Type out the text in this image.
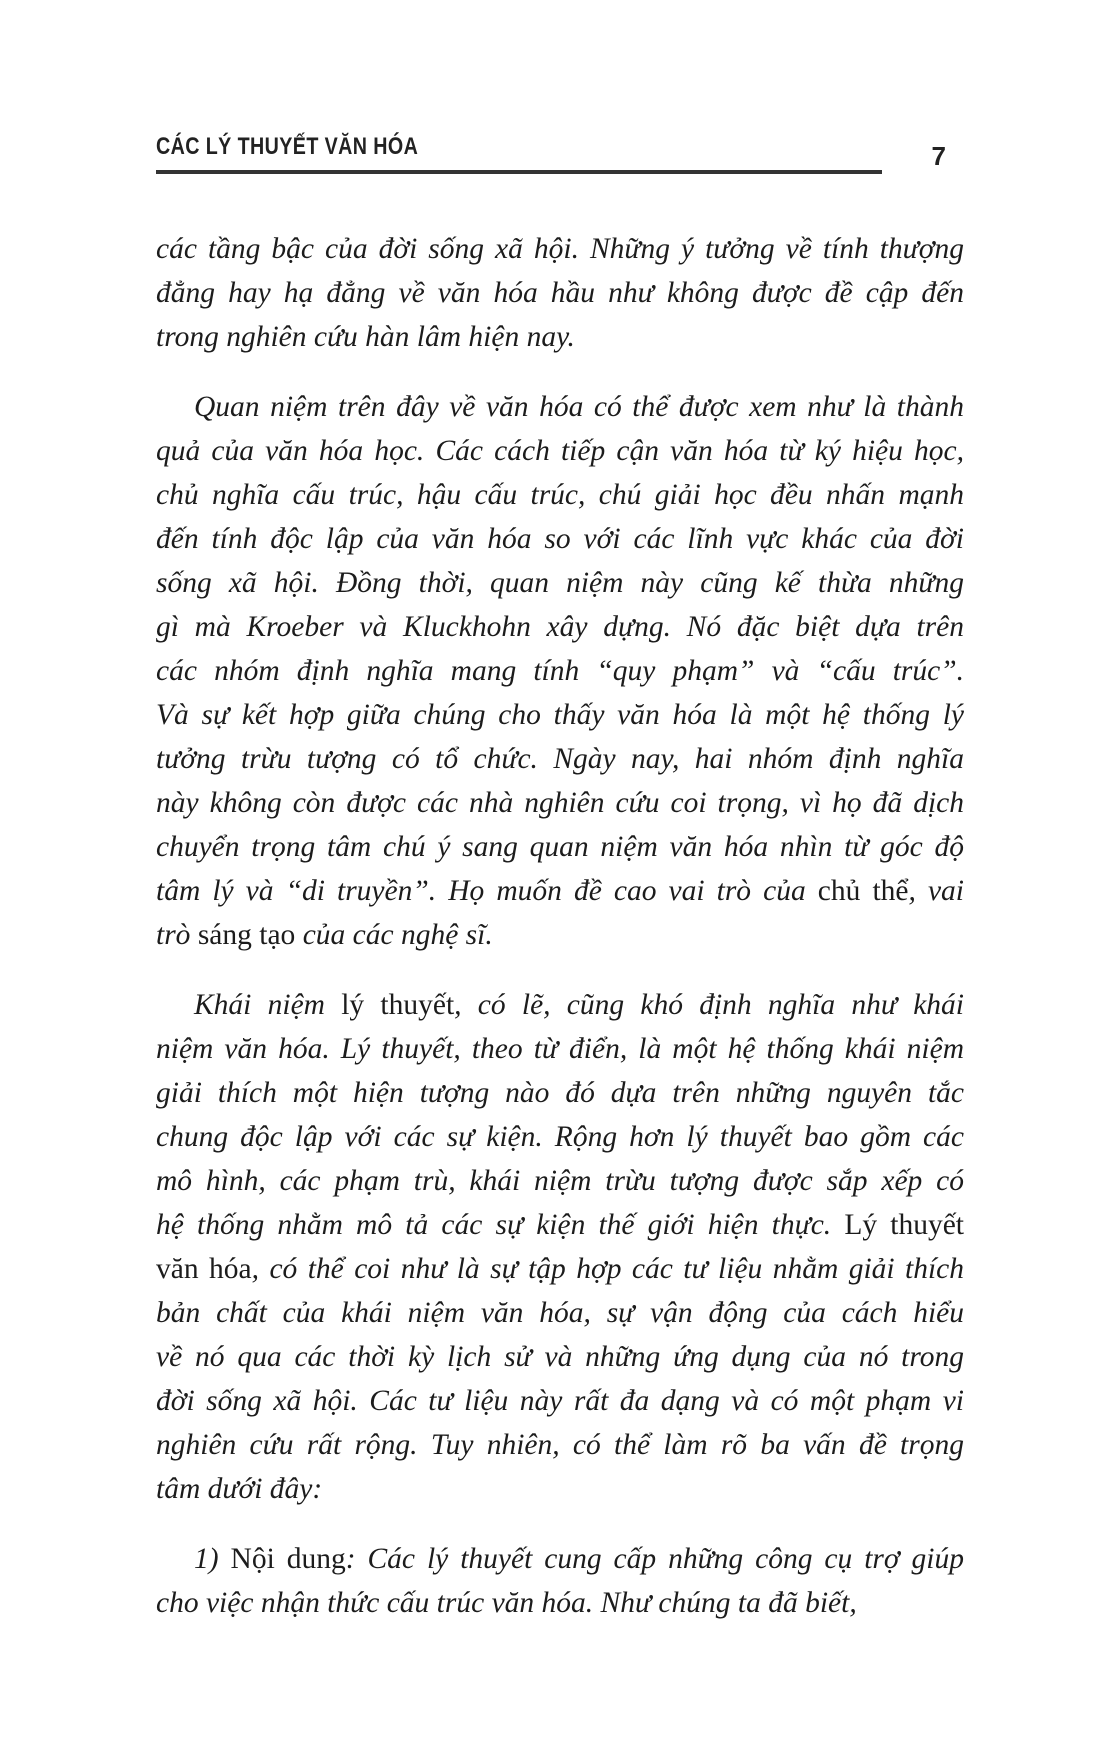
CÁC LÝ THUYẾT VĂN HÓA	7

các tầng bậc của đời sống xã hội. Những ý tưởng về tính thượng
đẳng hay hạ đẳng về văn hóa hầu như không được đề cập đến
trong nghiên cứu hàn lâm hiện nay.

Quan niệm trên đây về văn hóa có thể được xem như là thành
quả của văn hóa học. Các cách tiếp cận văn hóa từ ký hiệu học,
chủ nghĩa cấu trúc, hậu cấu trúc, chú giải học đều nhấn mạnh
đến tính độc lập của văn hóa so với các lĩnh vực khác của đời
sống xã hội. Đồng thời, quan niệm này cũng kế thừa những
gì mà Kroeber và Kluckhohn xây dựng. Nó đặc biệt dựa trên
các nhóm định nghĩa mang tính “quy phạm” và “cấu trúc”.
Và sự kết hợp giữa chúng cho thấy văn hóa là một hệ thống lý
tưởng trừu tượng có tổ chức. Ngày nay, hai nhóm định nghĩa
này không còn được các nhà nghiên cứu coi trọng, vì họ đã dịch
chuyển trọng tâm chú ý sang quan niệm văn hóa nhìn từ góc độ
tâm lý và “di truyền”. Họ muốn đề cao vai trò của chủ thể, vai
trò sáng tạo của các nghệ sĩ.

Khái niệm lý thuyết, có lẽ, cũng khó định nghĩa như khái
niệm văn hóa. Lý thuyết, theo từ điển, là một hệ thống khái niệm
giải thích một hiện tượng nào đó dựa trên những nguyên tắc
chung độc lập với các sự kiện. Rộng hơn lý thuyết bao gồm các
mô hình, các phạm trù, khái niệm trừu tượng được sắp xếp có
hệ thống nhằm mô tả các sự kiện thế giới hiện thực. Lý thuyết
văn hóa, có thể coi như là sự tập hợp các tư liệu nhằm giải thích
bản chất của khái niệm văn hóa, sự vận động của cách hiểu
về nó qua các thời kỳ lịch sử và những ứng dụng của nó trong
đời sống xã hội. Các tư liệu này rất đa dạng và có một phạm vi
nghiên cứu rất rộng. Tuy nhiên, có thể làm rõ ba vấn đề trọng
tâm dưới đây:

1) Nội dung: Các lý thuyết cung cấp những công cụ trợ giúp
cho việc nhận thức cấu trúc văn hóa. Như chúng ta đã biết,
